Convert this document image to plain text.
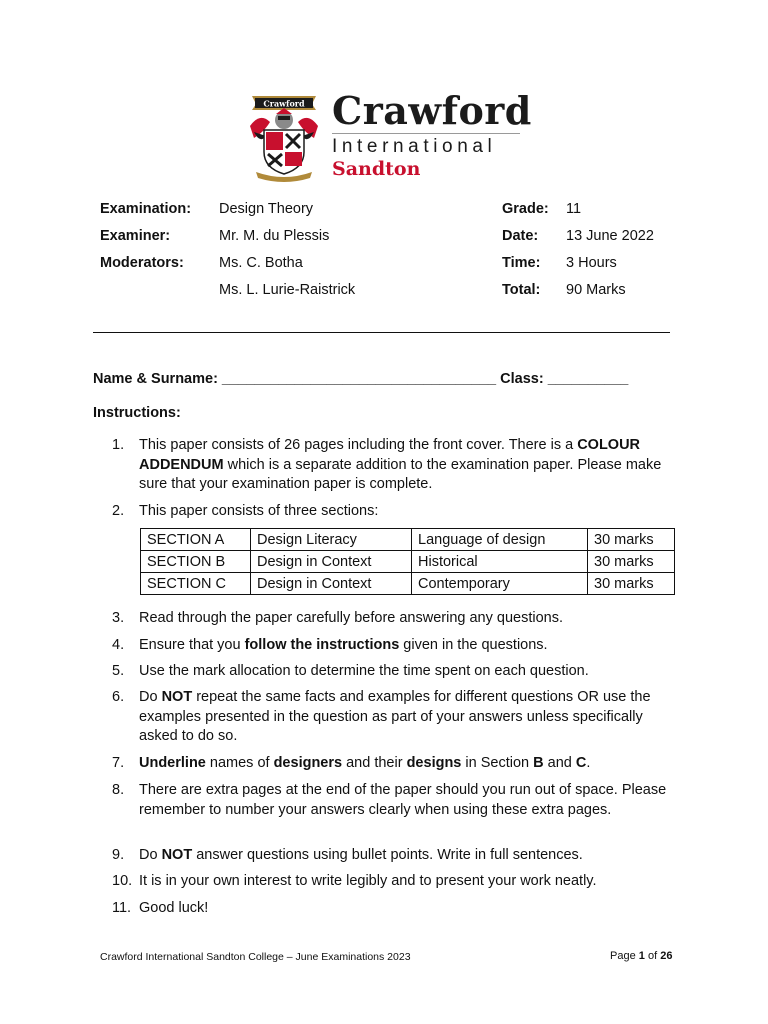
Crawford Crawford
International
Sandton
Examination: Design Theory
Examiner:	Mr. M. du Plessis
Moderators: Ms. C. Botha
Ms. L. Lurie-Raistrick
Grade: 11
Date: 13 June 2022
Time: 3 Hours
Total: 90 Marks
Name & Surname: __________________________________ Class: __________
Instructions:
1.	This paper consists of 26 pages including the front cover. There is a COLOUR ADDENDUM which is a separate addition to the examination paper. Please make sure that your examination paper is complete.
2.	This paper consists of three sections:
SECTION A	Design Literacy	Language of design	30 marks
SECTION B	Design in Context	Historical	30 marks
SECTION C	Design in Context	Contemporary	30 marks
3.	Read through the paper carefully before answering any questions.
4.	Ensure that you follow the instructions given in the questions.
5.	Use the mark allocation to determine the time spent on each question.
6.	Do NOT repeat the same facts and examples for different questions OR use the examples presented in the question as part of your answers unless specifically asked to do so.
7.	Underline names of designers and their designs in Section B and C.
8.	There are extra pages at the end of the paper should you run out of space. Please remember to number your answers clearly when using these extra pages.
9.	Do NOT answer questions using bullet points. Write in full sentences.
10. It is in your own interest to write legibly and to present your work neatly.
11. Good luck!
Crawford International Sandton College – June Examinations 2023	Page 1 of 26
